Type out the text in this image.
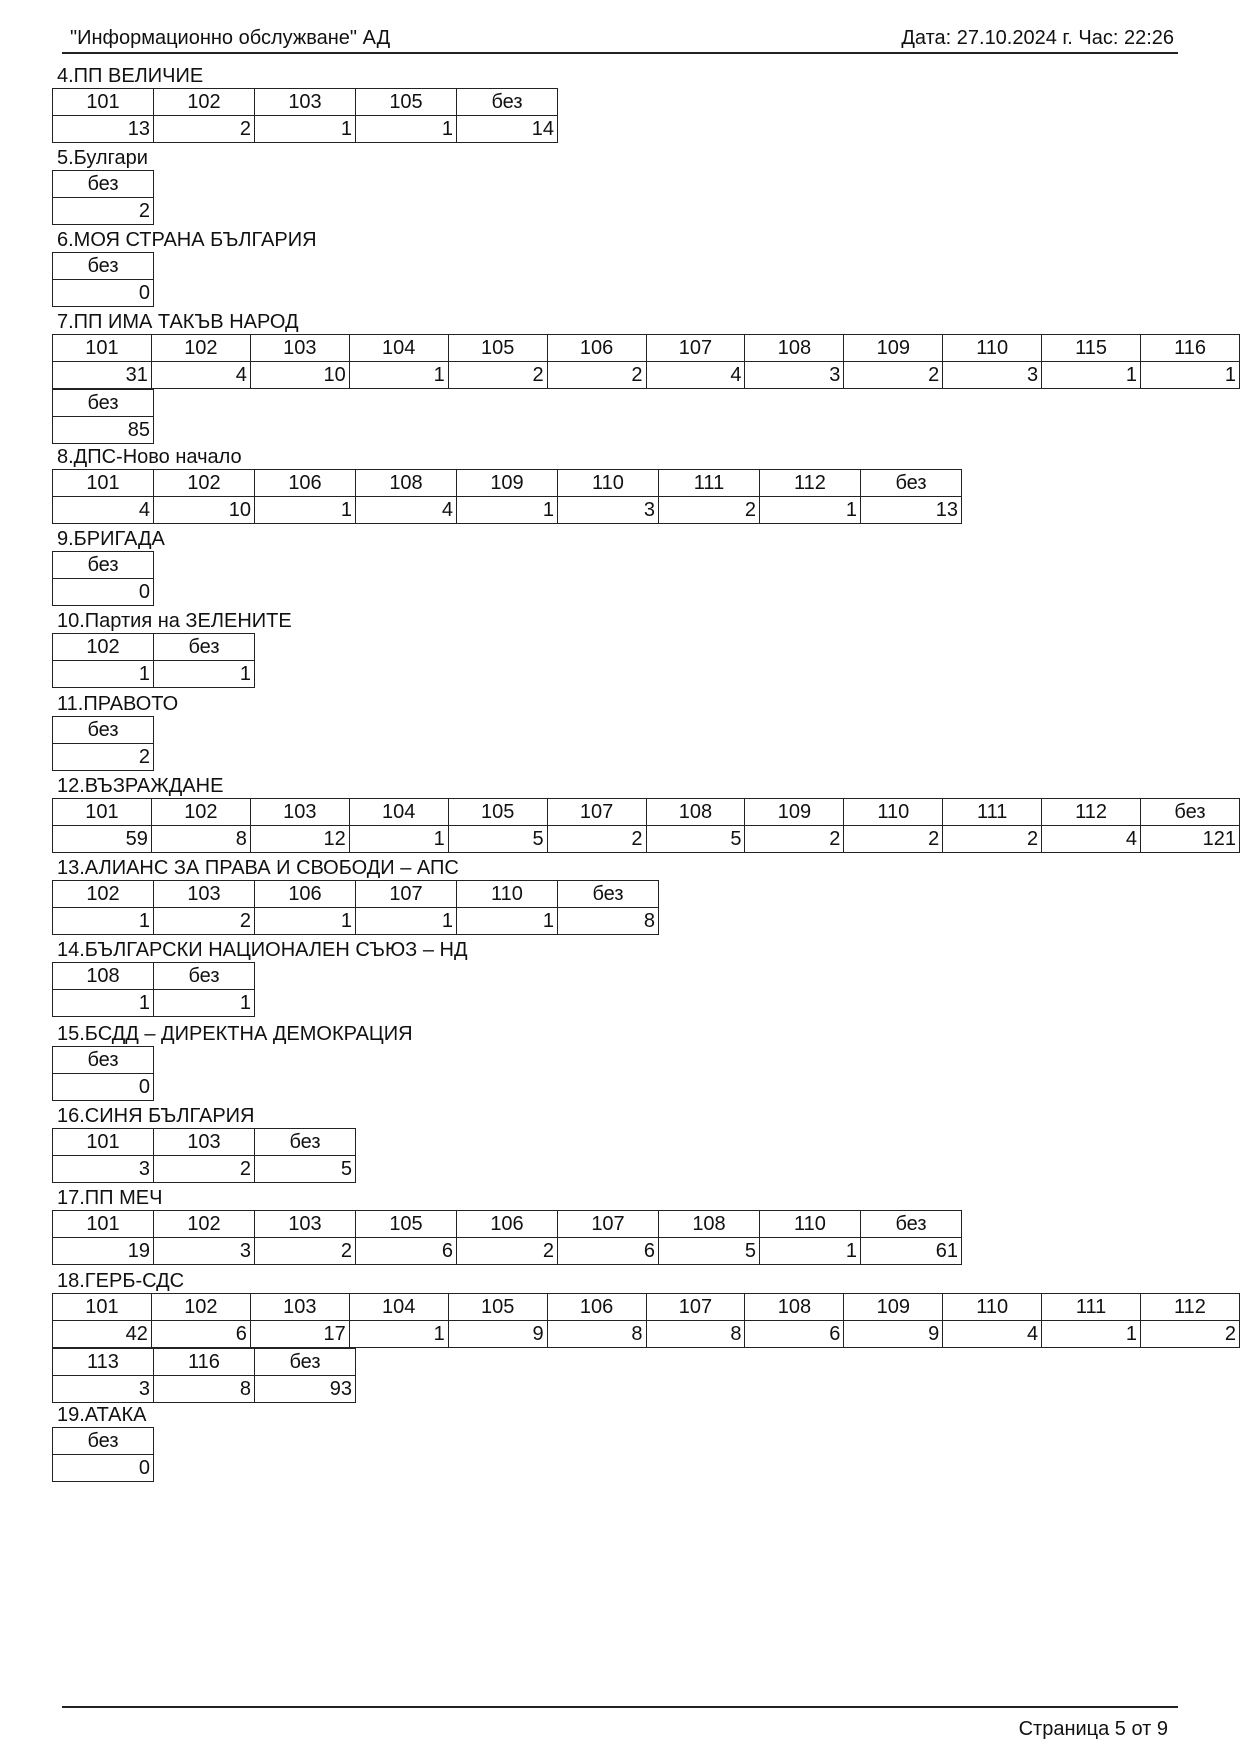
"Информационно обслужване" АД	Дата: 27.10.2024 г. Час: 22:26
4.ПП ВЕЛИЧИЕ
101	102	103	105	без
13	2	1	1	14
5.Булгари
без
2
6.МОЯ СТРАНА БЪЛГАРИЯ
без
0
7.ПП ИМА ТАКЪВ НАРОД
101	102	103	104	105	106	107	108	109	110	115	116
31	4	10	1	2	2	4	3	2	3	1	1
без
85
8.ДПС-Ново начало
101	102	106	108	109	110	111	112	без
4	10	1	4	1	3	2	1	13
9.БРИГАДА
без
0
10.Партия на ЗЕЛЕНИТЕ
102	без
1	1
11.ПРАВОТО
без
2
12.ВЪЗРАЖДАНЕ
101	102	103	104	105	107	108	109	110	111	112	без
59	8	12	1	5	2	5	2	2	2	4	121
13.АЛИАНС ЗА ПРАВА И СВОБОДИ – АПС
102	103	106	107	110	без
1	2	1	1	1	8
14.БЪЛГАРСКИ НАЦИОНАЛЕН СЪЮЗ – НД
108	без
1	1
15.БСДД – ДИРЕКТНА ДЕМОКРАЦИЯ
без
0
16.СИНЯ БЪЛГАРИЯ
101	103	без
3	2	5
17.ПП МЕЧ
101	102	103	105	106	107	108	110	без
19	3	2	6	2	6	5	1	61
18.ГЕРБ-СДС
101	102	103	104	105	106	107	108	109	110	111	112
42	6	17	1	9	8	8	6	9	4	1	2
113	116	без
3	8	93
19.АТАКА
без
0
Страница 5 от 9
